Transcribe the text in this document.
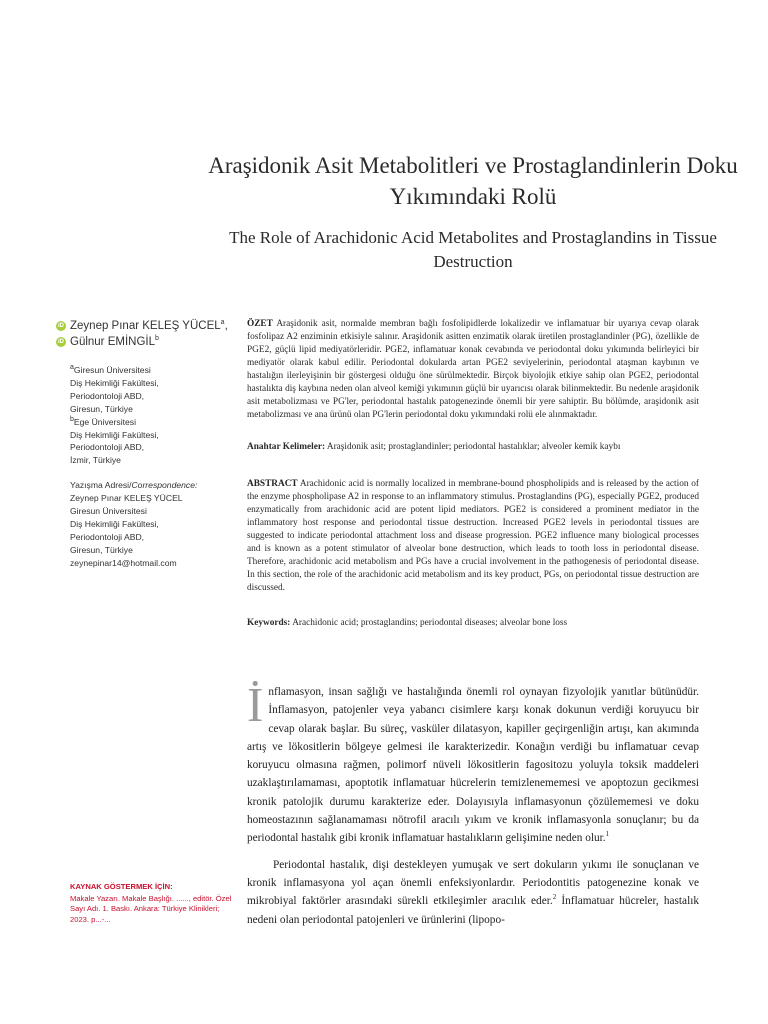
Araşidonik Asit Metabolitleri ve Prostaglandinlerin Doku Yıkımındaki Rolü
The Role of Arachidonic Acid Metabolites and Prostaglandins in Tissue Destruction
iD Zeynep Pınar KELEŞ YÜCEL$^a$,
iD Gülnur EMİNGİL$^b$
$^a$Giresun Üniversitesi
Diş Hekimliği Fakültesi,
Periodontoloji ABD,
Giresun, Türkiye
$^b$Ege Üniversitesi
Diş Hekimliği Fakültesi,
Periodontoloji ABD,
İzmir, Türkiye
Yazışma Adresi/Correspondence:
Zeynep Pınar KELEŞ YÜCEL
Giresun Üniversitesi
Diş Hekimliği Fakültesi,
Periodontoloji ABD,
Giresun, Türkiye
zeynepinar14@hotmail.com
KAYNAK GÖSTERMEK İÇİN:
Makale Yazarı. Makale Başlığı. ......, editör. Özel Sayı Adı. 1. Baskı. Ankara: Türkiye Klinikleri; 2023. p...-...
ÖZET Araşidonik asit, normalde membran bağlı fosfolipidlerde lokalizedir ve inflamatuar bir uyarıya cevap olarak fosfolipaz A2 enziminin etkisiyle salınır. Araşidonik asitten enzimatik olarak üretilen prostaglandinler (PG), özellikle de PGE2, güçlü lipid mediyatörleridir. PGE2, inflamatuar konak cevabında ve periodontal doku yıkımında belirleyici bir mediyatör olarak kabul edilir. Periodontal dokularda artan PGE2 seviyelerinin, periodontal ataşman kaybının ve hastalığın ilerleyişinin bir göstergesi olduğu öne sürülmektedir. Birçok biyolojik etkiye sahip olan PGE2, periodontal hastalıkta diş kaybına neden olan alveol kemiği yıkımının güçlü bir uyarıcısı olarak bilinmektedir. Bu nedenle araşidonik asit metabolizması ve PG'ler, periodontal hastalık patogenezinde önemli bir yere sahiptir. Bu bölümde, araşidonik asit metabolizması ve ana ürünü olan PG'lerin periodontal doku yıkımındaki rolü ele alınmaktadır.
Anahtar Kelimeler: Araşidonik asit; prostaglandinler; periodontal hastalıklar; alveoler kemik kaybı
ABSTRACT Arachidonic acid is normally localized in membrane-bound phospholipids and is released by the action of the enzyme phospholipase A2 in response to an inflammatory stimulus. Prostaglandins (PG), especially PGE2, produced enzymatically from arachidonic acid are potent lipid mediators. PGE2 is considered a prominent mediator in the inflammatory host response and periodontal tissue destruction. Increased PGE2 levels in periodontal tissues are suggested to indicate periodontal attachment loss and disease progression. PGE2 influence many biological processes and is known as a potent stimulator of alveolar bone destruction, which leads to tooth loss in periodontal disease. Therefore, arachidonic acid metabolism and PGs have a crucial involvement in the pathogenesis of periodontal disease. In this section, the role of the arachidonic acid metabolism and its key product, PGs, on periodontal tissue destruction are discussed.
Keywords: Arachidonic acid; prostaglandins; periodontal diseases; alveolar bone loss

İnflamasyon, insan sağlığı ve hastalığında önemli rol oynayan fizyolojik yanıtlar bütünüdür. İnflamasyon, patojenler veya yabancı cisimlere karşı konak dokunun verdiği koruyucu bir cevap olarak başlar. Bu süreç, vasküler dilatasyon, kapiller geçirgenliğin artışı, kan akımında artış ve lökositlerin bölgeye gelmesi ile karakterizedir. Konağın verdiği bu inflamatuar cevap koruyucu olmasına rağmen, polimorf nüveli lökositlerin fagositozu yoluyla toksik maddeleri uzaklaştırılamaması, apoptotik inflamatuar hücrelerin temizlenememesi ve apoptozun gecikmesi kronik patolojik durumu karakterize eder. Dolayısıyla inflamasyonun çözülememesi ve doku homeostazının sağlanamaması nötrofil aracılı yıkım ve kronik inflamasyonla sonuçlanır; bu da periodontal hastalık gibi kronik inflamatuar hastalıkların gelişimine neden olur.$^1$

Periodontal hastalık, dişi destekleyen yumuşak ve sert dokuların yıkımı ile sonuçlanan ve kronik inflamasyona yol açan önemli enfeksiyonlardır. Periodontitis patogenezine konak ve mikrobiyal faktörler arasındaki sürekli etkileşimler aracılık eder.$^2$ İnflamatuar hücreler, hastalık nedeni olan periodontal patojenleri ve ürünlerini (lipopo-
